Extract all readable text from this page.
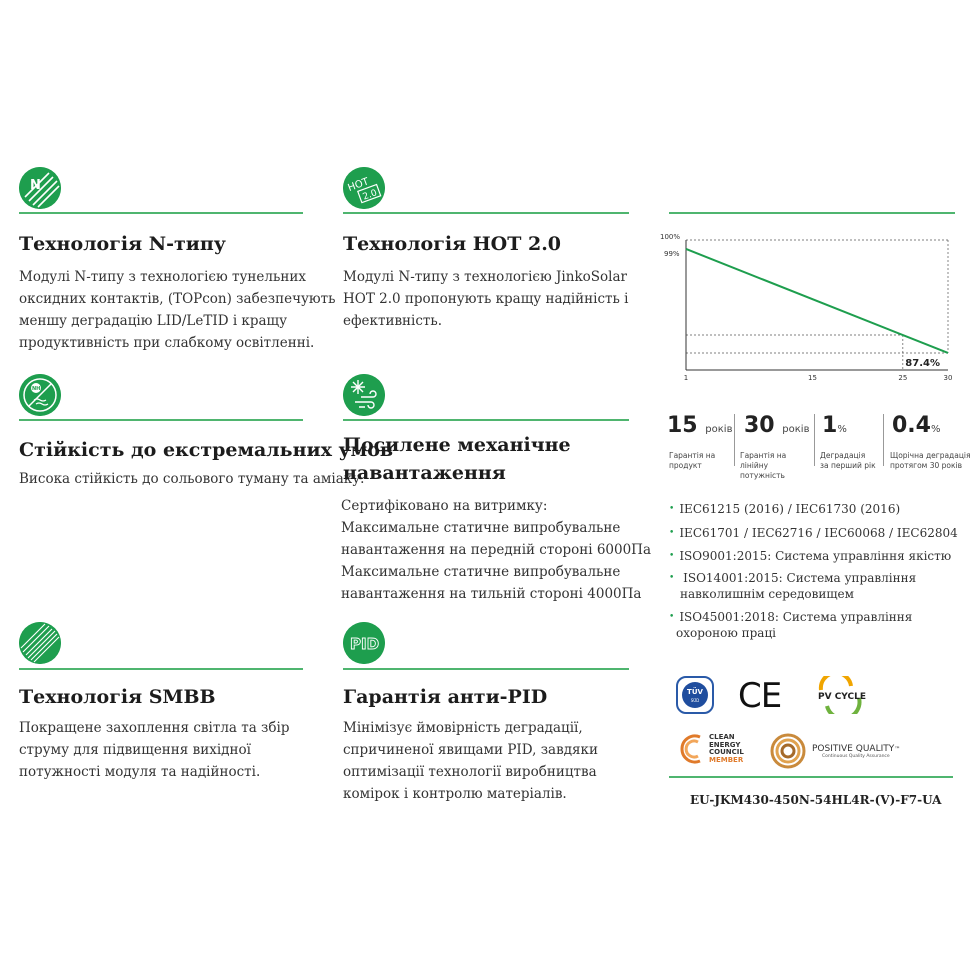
N
Технологія N-типу

Модулі N-типу з технологією тунельних

оксидних контактів, (TOPcon) забезпечують

меншу деградацію LID/LeTID і кращу

продуктивність при слабкому освітленні.

HOT
2.0
Технологія HOT 2.0

Модулі N-типу з технологією JinkoSolar

HOT 2.0 пропонують кращу надійність і

ефективність.

NH₃
Стійкість до екстремальних умов

Висока стійкість до сольового туману та аміаку.

Посилене механічне
навантаження

Сертифіковано на витримку:

Максимальне статичне випробувальне

навантаження на передній стороні 6000Па

Максимальне статичне випробувальне

навантаження на тильній стороні 4000Па

Технологія SMBB

Покращене захоплення світла та збір

струму для підвищення вихідної

потужності модуля та надійності.

PID
Гарантія анти-PID

Мінімізує ймовірність деградації,

спричиненої явищами PID, завдяки

оптимізації технології виробництва

комірок і контролю матеріалів.

100%
99%
1	15	25	30
87.4%
15 років
Гарантія на
продукт
30 років
Гарантія на
лінійну
потужність
1%
Деградація
за перший рік
0.4%
Щорічна деградація
протягом 30 років
• IEC61215 (2016) / IEC61730 (2016)
• IEC61701 / IEC62716 / IEC60068 / IEC62804
• ISO9001:2015: Система управління якістю
• ISO14001:2015: Система управління
навколишнім середовищем
• ISO45001:2018: Система управління
охороною праці
TÜV
SÜD CE	PV CYCLE
CLEAN
ENERGY
COUNCIL
MEMBER
POSITIVE QUALITY™
Continuous Quality Assurance
EU-JKM430-450N-54HL4R-(V)-F7-UA
